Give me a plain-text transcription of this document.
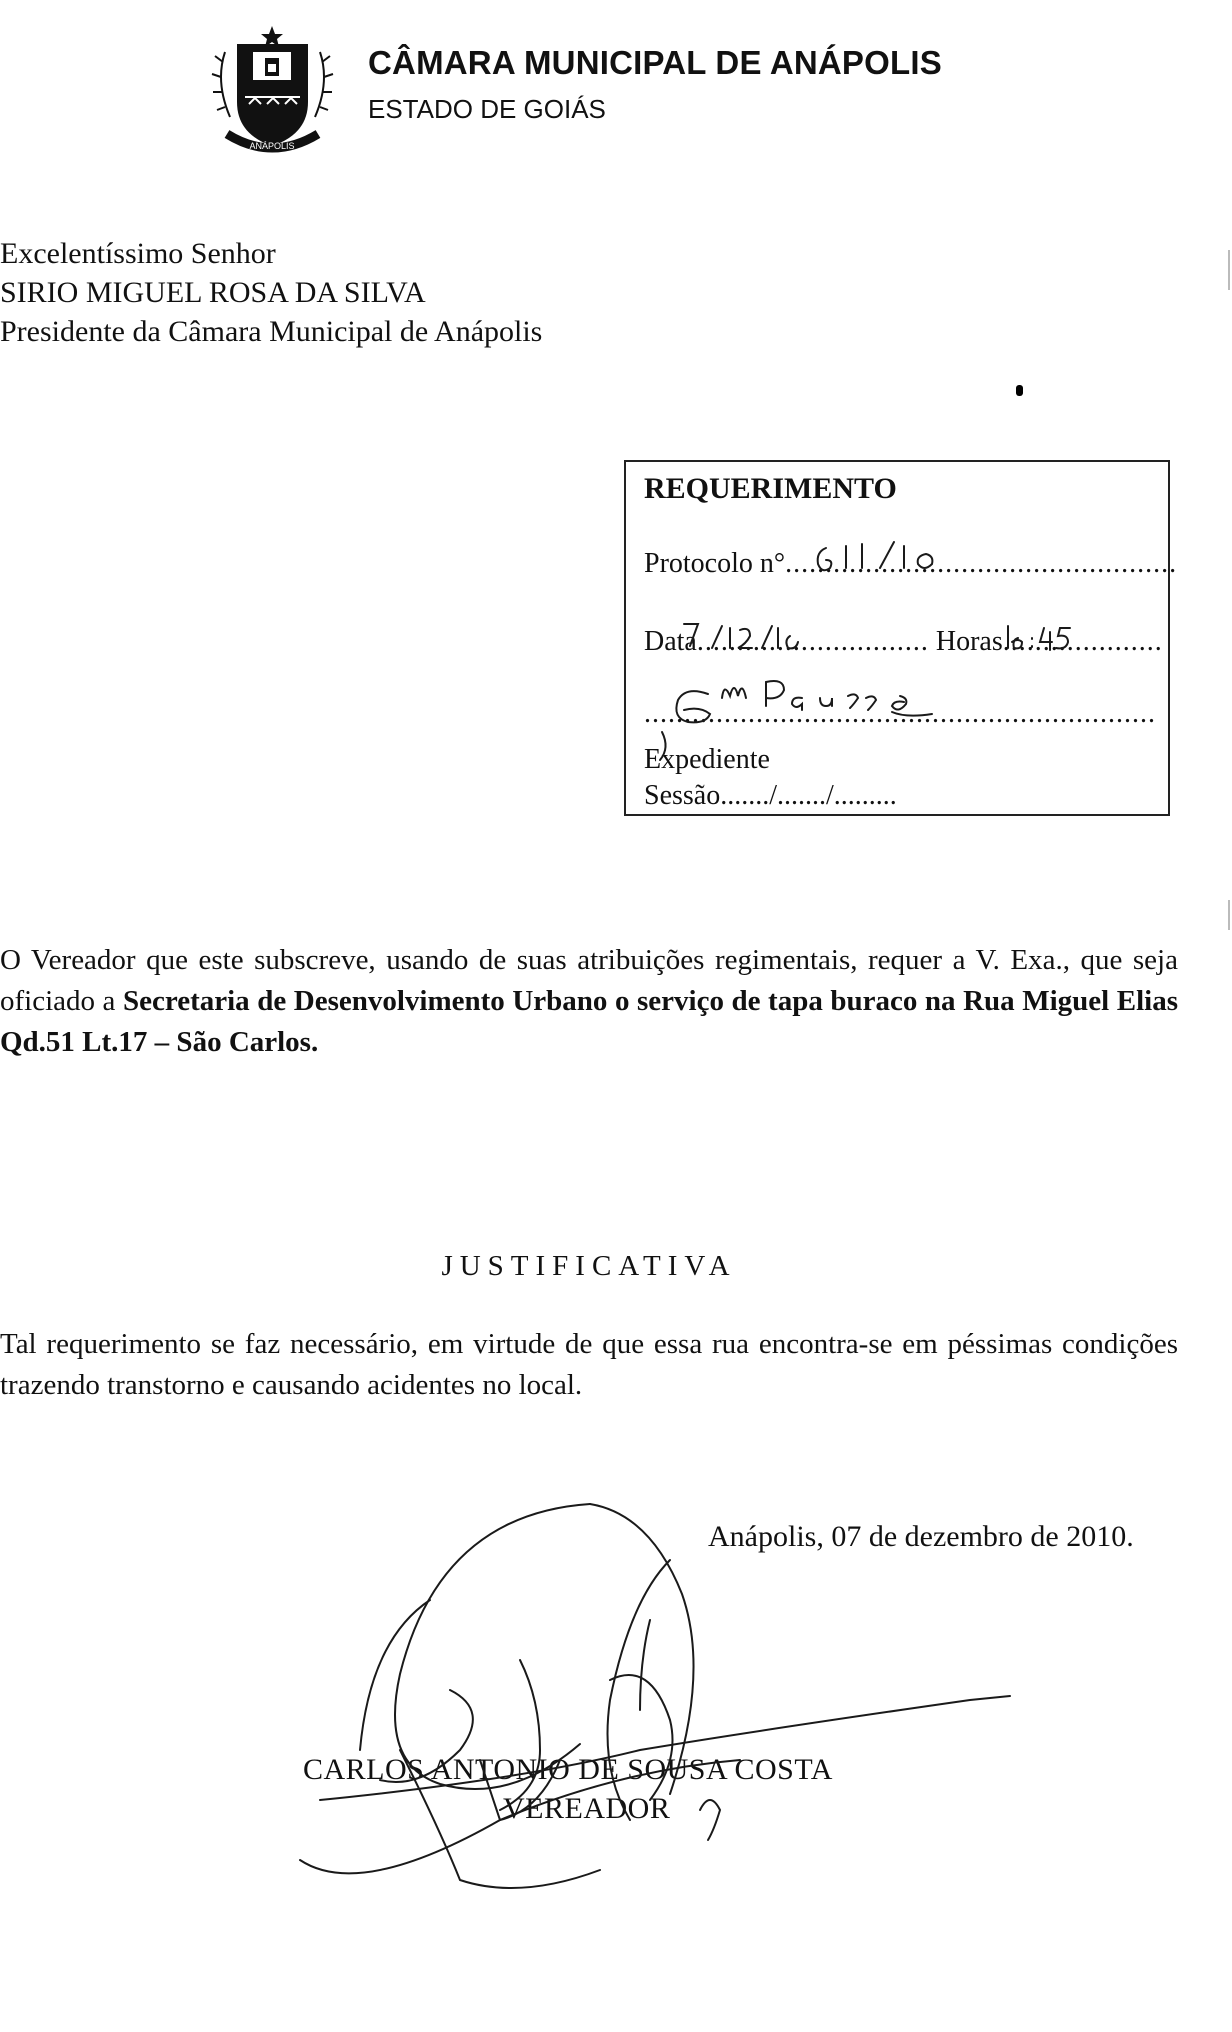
ANÁPOLIS
CÂMARA MUNICIPAL DE ANÁPOLIS
ESTADO DE GOIÁS
Excelentíssimo Senhor
SIRIO MIGUEL ROSA DA SILVA
Presidente da Câmara Municipal de Anápolis
REQUERIMENTO
Protocolo n°.................................................
Data............................. Horas....................
................................................................
Expediente
Sessão......./......./.........
O Vereador que este subscreve, usando de suas atribuições regimentais, requer a V. Exa., que seja oficiado a Secretaria de Desenvolvimento Urbano o serviço de tapa buraco na Rua Miguel Elias Qd.51 Lt.17 – São Carlos.
JUSTIFICATIVA
Tal requerimento se faz necessário, em virtude de que essa rua encontra-se em péssimas condições trazendo transtorno e causando acidentes no local.
Anápolis, 07 de dezembro de 2010.
CARLOS ANTONIO DE SOUSA COSTA
VEREADOR
